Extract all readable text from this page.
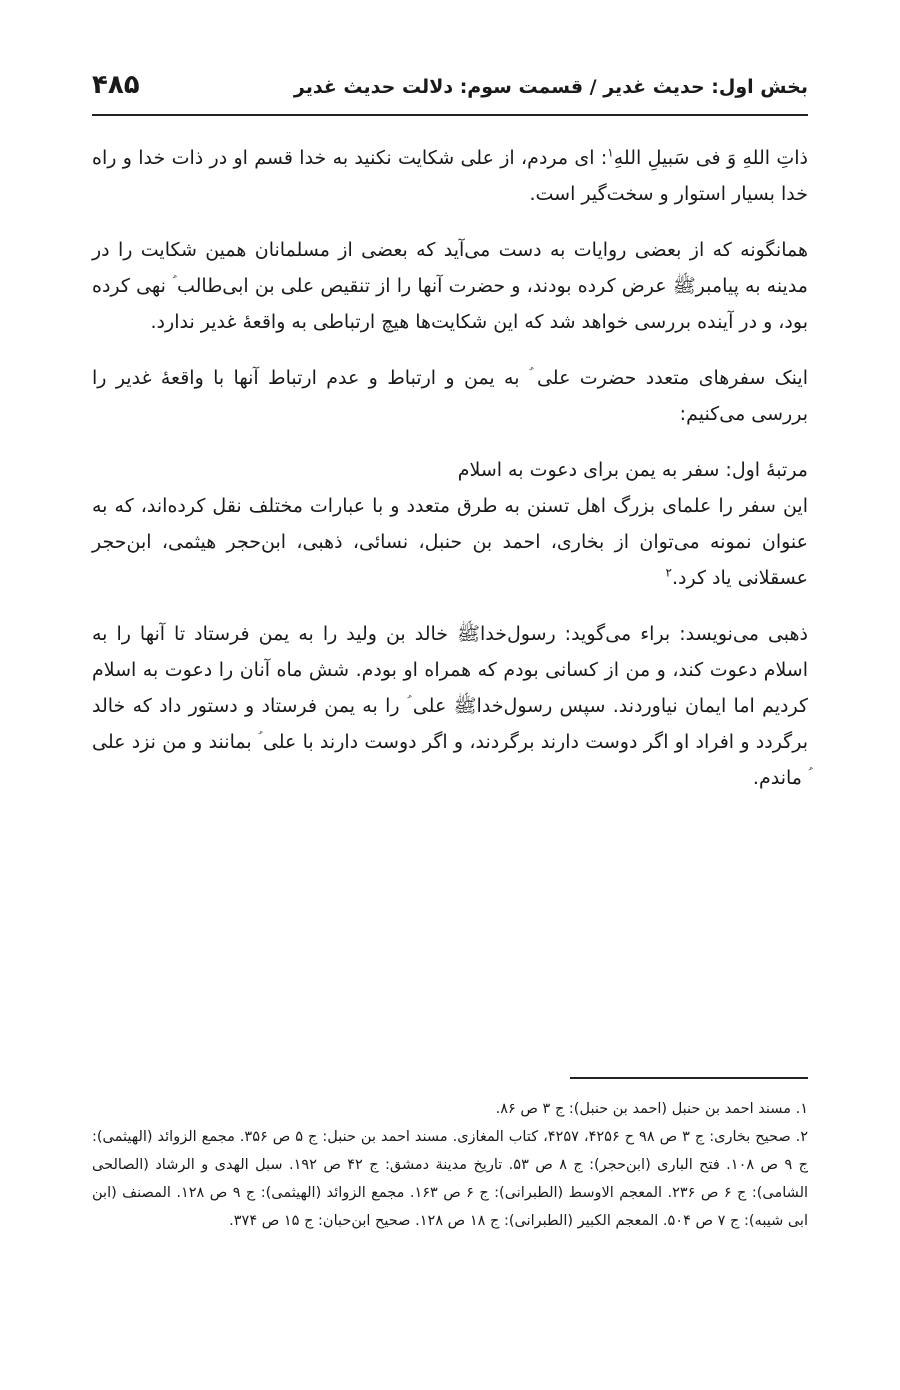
بخش اول: حدیث غدیر / قسمت سوم: دلالت حدیث غدیر
۴۸۵

ذاتِ اللهِ وَ فی سَبیلِ اللهِ$^۱$: ای مردم، از علی شکایت نکنید به خدا قسم او در ذات خدا و راه خدا بسیار استوار و سخت‌گیر است.

همانگونه که از بعضی روایات به دست می‌آید که بعضی از مسلمانان همین شکایت را در مدینه به پیامبرﷺ عرض کرده بودند، و حضرت آنها را از تنقیص علی بن ابی‌طالب ؑ نهی کرده بود، و در آینده بررسی خواهد شد که این شکایت‌ها هیچ ارتباطی به واقعهٔ غدیر ندارد.

اینک سفرهای متعدد حضرت علی ؑ به یمن و ارتباط و عدم ارتباط آنها با واقعهٔ غدیر را بررسی می‌کنیم:

مرتبهٔ اول: سفر به یمن برای دعوت به اسلام

این سفر را علمای بزرگ اهل تسنن به طرق متعدد و با عبارات مختلف نقل کرده‌اند، که به عنوان نمونه می‌توان از بخاری، احمد بن حنبل، نسائی، ذهبی، ابن‌حجر هیثمی، ابن‌حجر عسقلانی یاد کرد.$^۲$

ذهبی می‌نویسد: براء می‌گوید: رسول‌خداﷺ خالد بن ولید را به یمن فرستاد تا آنها را به اسلام دعوت کند، و من از کسانی بودم که همراه او بودم. شش ماه آنان را دعوت به اسلام کردیم اما ایمان نیاوردند. سپس رسول‌خداﷺ علی ؑ را به یمن فرستاد و دستور داد که خالد برگردد و افراد او اگر دوست دارند برگردند، و اگر دوست دارند با علی ؑ بمانند و من نزد علی ؑ ماندم.

۱. مسند احمد بن حنبل (احمد بن حنبل): ج ۳ ص ۸۶.

۲. صحیح بخاری: ج ۳ ص ۹۸ ح ۴۲۵۶، ۴۲۵۷، کتاب المغازی. مسند احمد بن حنبل: ج ۵ ص ۳۵۶. مجمع الزوائد (الهیثمی): ج ۹ ص ۱۰۸. فتح الباری (ابن‌حجر): ج ۸ ص ۵۳. تاریخ مدینة دمشق: ج ۴۲ ص ۱۹۲. سبل الهدی و الرشاد (الصالحی الشامی): ج ۶ ص ۲۳۶. المعجم الاوسط (الطبرانی): ج ۶ ص ۱۶۳. مجمع الزوائد (الهیثمی): ج ۹ ص ۱۲۸. المصنف (ابن ابی شیبه): ج ۷ ص ۵۰۴. المعجم الکبیر (الطبرانی): ج ۱۸ ص ۱۲۸. صحیح ابن‌حبان: ج ۱۵ ص ۳۷۴.
